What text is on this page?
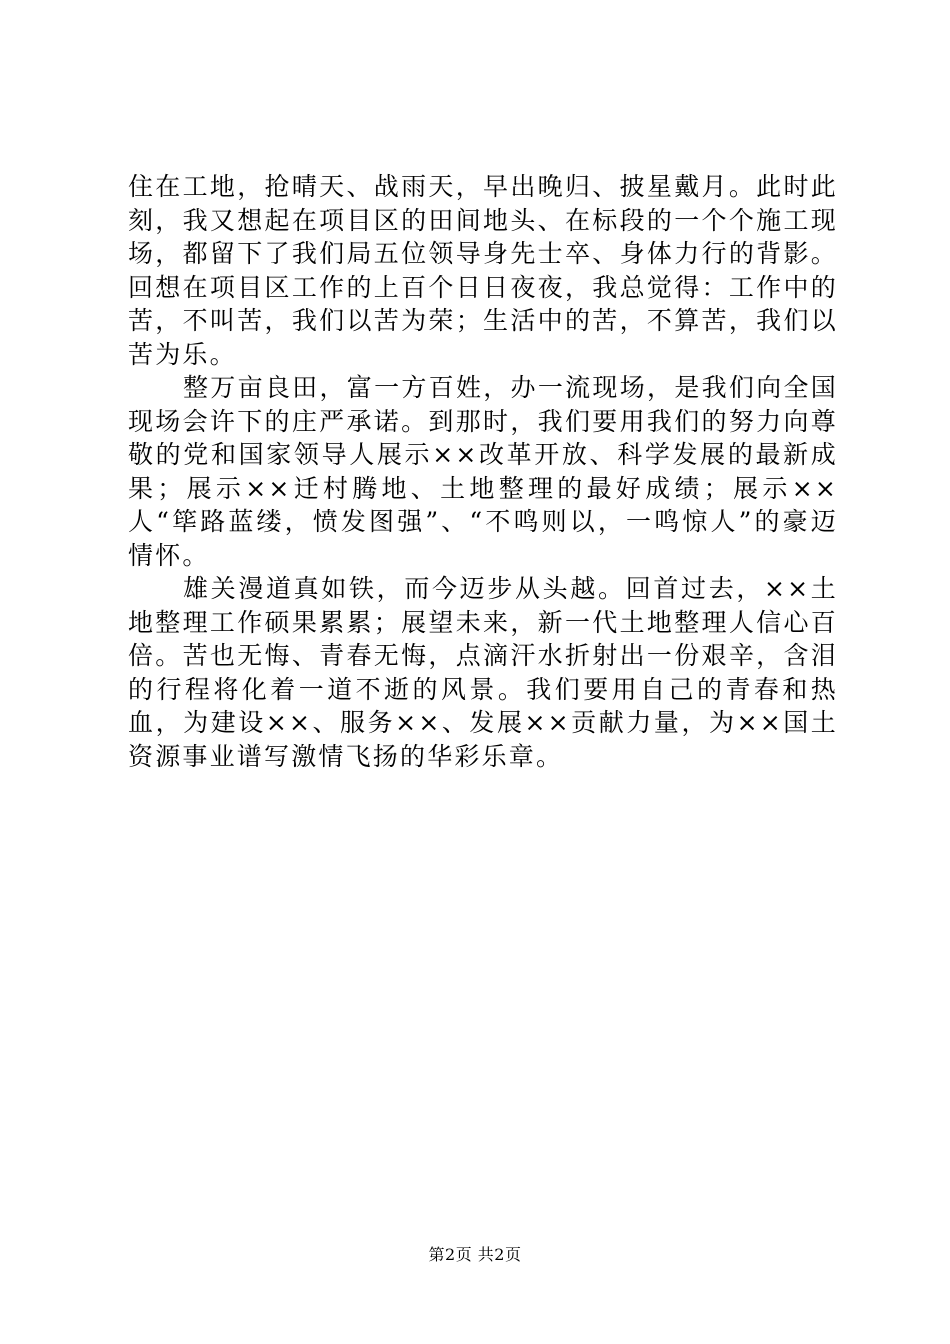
住在工地，抢晴天、战雨天，早出晚归、披星戴月。此时此刻，我又想起在项目区的田间地头、在标段的一个个施工现场，都留下了我们局五位领导身先士卒、身体力行的背影。回想在项目区工作的上百个日日夜夜，我总觉得：工作中的苦，不叫苦，我们以苦为荣；生活中的苦，不算苦，我们以苦为乐。

整万亩良田，富一方百姓，办一流现场，是我们向全国现场会许下的庄严承诺。到那时，我们要用我们的努力向尊敬的党和国家领导人展示××改革开放、科学发展的最新成果；展示××迁村腾地、土地整理的最好成绩；展示××人“筚路蓝缕，愤发图强”、“不鸣则以，一鸣惊人”的豪迈情怀。

雄关漫道真如铁，而今迈步从头越。回首过去，××土地整理工作硕果累累；展望未来，新一代土地整理人信心百倍。苦也无悔、青春无悔，点滴汗水折射出一份艰辛，含泪的行程将化着一道不逝的风景。我们要用自己的青春和热血，为建设××、服务××、发展××贡献力量，为××国土资源事业谱写激情飞扬的华彩乐章。

第2页 共2页
